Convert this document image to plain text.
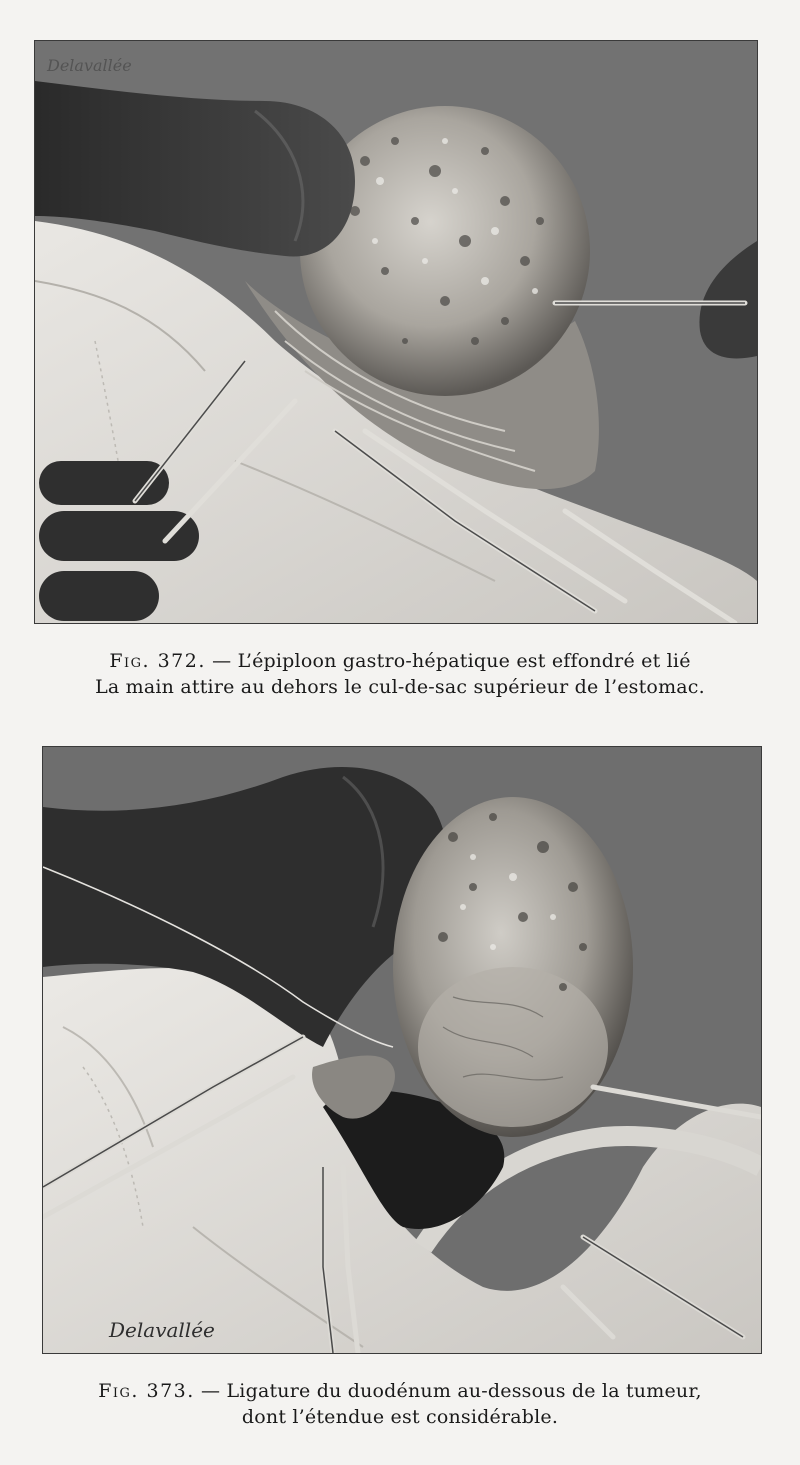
Delavallée
Fig. 372. — L’épiploon gastro-hépatique est effondré et lié
La main attire au dehors le cul-de-sac supérieur de l’estomac.
Delavallée
Fig. 373. — Ligature du duodénum au-dessous de la tumeur,
dont l’étendue est considérable.
